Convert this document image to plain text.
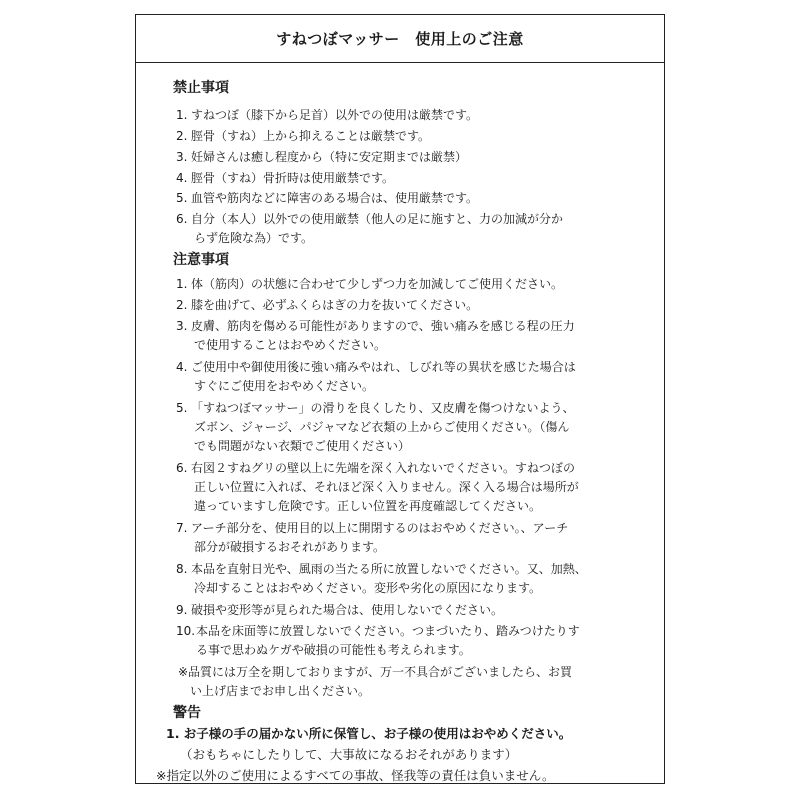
すねつぼマッサー　使用上のご注意
禁止事項
1. すねつぼ（膝下から足首）以外での使用は厳禁です。
2. 脛骨（すね）上から抑えることは厳禁です。
3. 妊婦さんは癒し程度から（特に安定期までは厳禁）
4. 脛骨（すね）骨折時は使用厳禁です。
5. 血管や筋肉などに障害のある場合は、使用厳禁です。
6. 自分（本人）以外での使用厳禁（他人の足に施すと、力の加減が分か
らず危険な為）です。
注意事項
1. 体（筋肉）の状態に合わせて少しずつ力を加減してご使用ください。
2. 膝を曲げて、必ずふくらはぎの力を抜いてください。
3. 皮膚、筋肉を傷める可能性がありますので、強い痛みを感じる程の圧力
で使用することはおやめください。
4. ご使用中や御使用後に強い痛みやはれ、しびれ等の異状を感じた場合は
すぐにご使用をおやめください。
5. 「すねつぼマッサー」の滑りを良くしたり、又皮膚を傷つけないよう、
ズボン、ジャージ、パジャマなど衣類の上からご使用ください。（傷ん
でも問題がない衣類でご使用ください）
6. 右図２すねグリの壁以上に先端を深く入れないでください。すねつぼの
正しい位置に入れば、それほど深く入りません。深く入る場合は場所が
違っていますし危険です。正しい位置を再度確認してください。
7. アーチ部分を、使用目的以上に開閉するのはおやめください。、アーチ
部分が破損するおそれがあります。
8. 本品を直射日光や、風雨の当たる所に放置しないでください。又、加熱、
冷却することはおやめください。変形や劣化の原因になります。
9. 破損や変形等が見られた場合は、使用しないでください。
10. 本品を床面等に放置しないでください。つまづいたり、踏みつけたりす
る事で思わぬケガや破損の可能性も考えられます。
※品質には万全を期しておりますが、万一不具合がございましたら、お買
い上げ店までお申し出ください。
警告
1. お子様の手の届かない所に保管し、お子様の使用はおやめください。
（おもちゃにしたりして、大事故になるおそれがあります）
※指定以外のご使用によるすべての事故、怪我等の責任は負いません。
